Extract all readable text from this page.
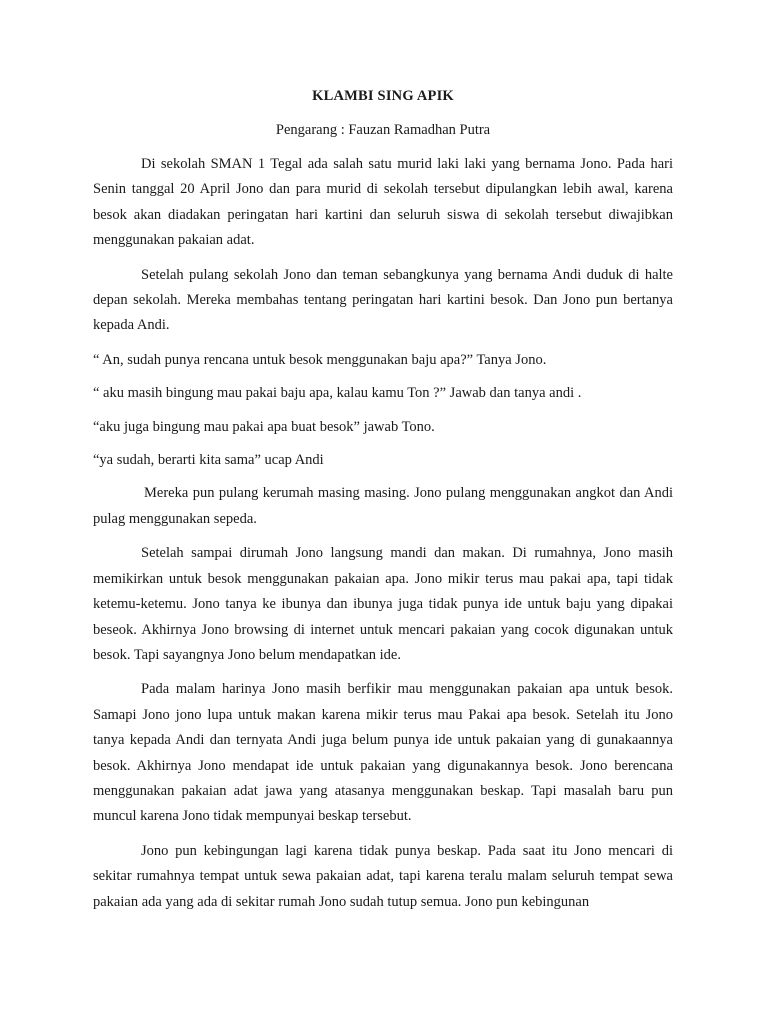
KLAMBI SING APIK
Pengarang : Fauzan Ramadhan Putra

Di sekolah SMAN 1 Tegal ada salah satu murid laki laki yang bernama Jono. Pada hari Senin tanggal 20 April Jono dan para murid di sekolah tersebut dipulangkan lebih awal, karena besok akan diadakan peringatan hari kartini dan seluruh siswa di sekolah tersebut diwajibkan menggunakan pakaian adat.

Setelah pulang sekolah Jono dan teman sebangkunya yang bernama Andi duduk di halte depan sekolah. Mereka membahas tentang peringatan hari kartini besok. Dan Jono pun bertanya kepada Andi.

“ An, sudah punya rencana untuk besok menggunakan baju apa?” Tanya Jono.

“ aku masih bingung mau pakai baju apa, kalau kamu Ton ?” Jawab dan tanya andi .

“aku juga bingung mau pakai apa buat besok” jawab Tono.

“ya sudah, berarti kita sama” ucap Andi

Mereka pun pulang kerumah masing masing. Jono pulang menggunakan angkot dan Andi pulag menggunakan sepeda.

Setelah sampai dirumah Jono langsung mandi dan makan. Di rumahnya, Jono masih memikirkan untuk besok menggunakan pakaian apa. Jono mikir terus mau pakai apa, tapi tidak ketemu-ketemu. Jono tanya ke ibunya dan ibunya juga tidak punya ide untuk baju yang dipakai beseok. Akhirnya Jono browsing di internet untuk mencari pakaian yang cocok digunakan untuk besok. Tapi sayangnya Jono belum mendapatkan ide.

Pada malam harinya Jono masih berfikir mau menggunakan pakaian apa untuk besok. Samapi Jono jono lupa untuk makan karena mikir terus mau Pakai apa besok. Setelah itu Jono tanya kepada Andi dan ternyata Andi juga belum punya ide untuk pakaian yang di gunakaannya besok. Akhirnya Jono mendapat ide untuk pakaian yang digunakannya besok. Jono berencana menggunakan pakaian adat jawa yang atasanya menggunakan beskap. Tapi masalah baru pun muncul karena Jono tidak mempunyai beskap tersebut.

Jono pun kebingungan lagi karena tidak punya beskap. Pada saat itu Jono mencari di sekitar rumahnya tempat untuk sewa pakaian adat, tapi karena teralu malam seluruh tempat sewa pakaian ada yang ada di sekitar rumah Jono sudah tutup semua. Jono pun kebingunan
